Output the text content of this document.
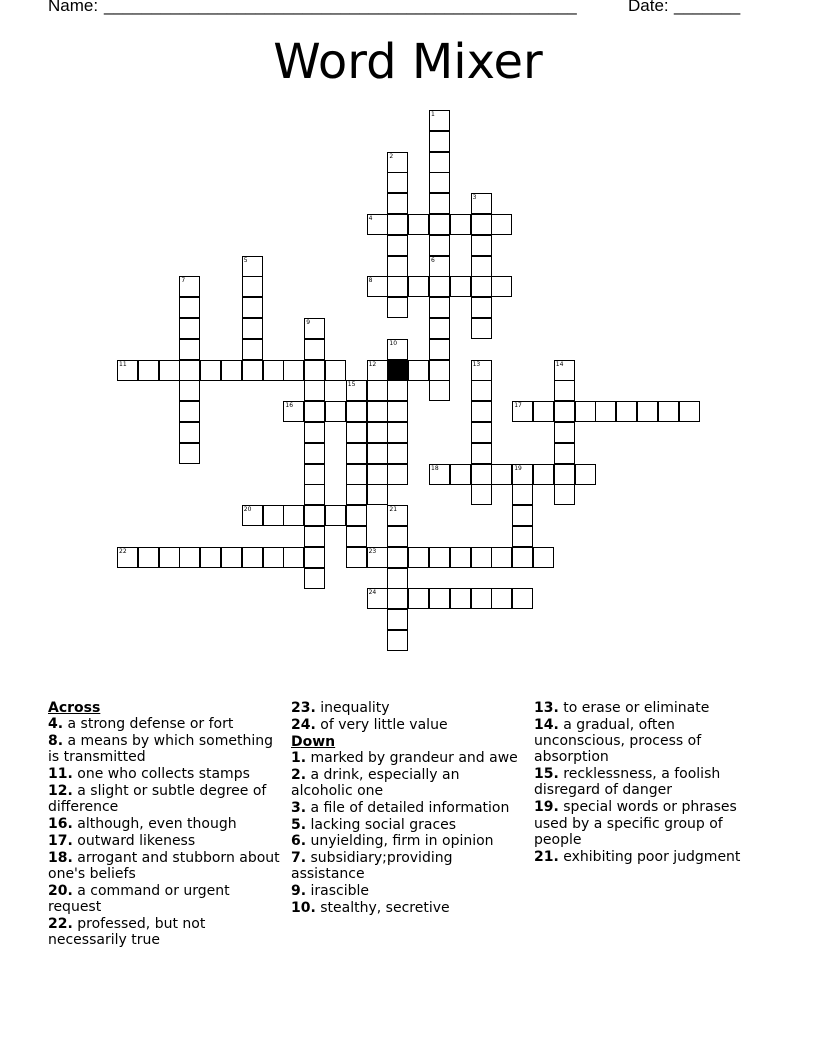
Name: __________________________________________________	Date: _______
Word Mixer
1
6
2
3
4
5
7	8
9
10
11	12	13	14
15
16	17
18	19
20	21
22	23
24
Across
4. a strong defense or fort
8. a means by which something is transmitted
11. one who collects stamps
12. a slight or subtle degree of difference
16. although, even though
17. outward likeness
18. arrogant and stubborn about one's beliefs
20. a command or urgent request
22. professed, but not necessarily true
23. inequality
24. of very little value
Down
1. marked by grandeur and awe
2. a drink, especially an alcoholic one
3. a file of detailed information
5. lacking social graces
6. unyielding, firm in opinion
7. subsidiary;providing assistance
9. irascible
10. stealthy, secretive
13. to erase or eliminate
14. a gradual, often unconscious, process of absorption
15. recklessness, a foolish disregard of danger
19. special words or phrases used by a specific group of people
21. exhibiting poor judgment
